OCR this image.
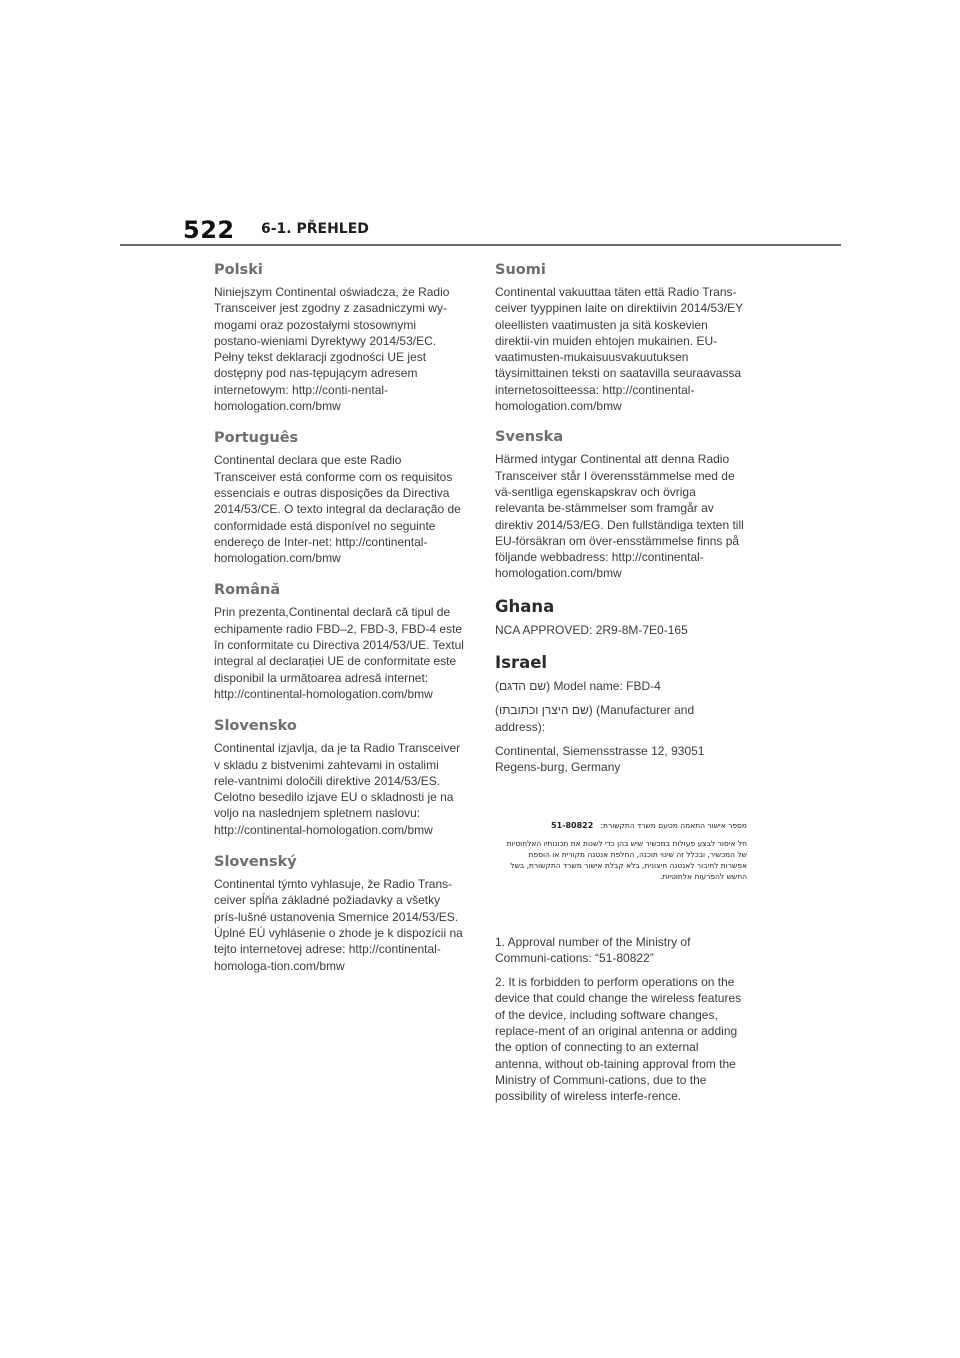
522 6-1. PŘEHLED
Polski

Niniejszym Continental oświadcza, że Radio Transceiver jest zgodny z zasadniczymi wy-mogami oraz pozostałymi stosownymi postano-wieniami Dyrektywy 2014/53/EC. Pełny tekst deklaracji zgodności UE jest dostępny pod nas-tępującym adresem internetowym: http://conti-nental-homologation.com/bmw

Português

Continental declara que este Radio Transceiver está conforme com os requisitos essenciais e outras disposições da Directiva 2014/53/CE. O texto integral da declaração de conformidade está disponível no seguinte endereço de Inter-net: http://continental-homologation.com/bmw

Română

Prin prezenta,Continental declară că tipul de echipamente radio FBD–2, FBD-3, FBD-4 este în conformitate cu Directiva 2014/53/UE. Textul integral al declarației UE de conformitate este disponibil la următoarea adresă internet: http://continental-homologation.com/bmw

Slovensko

Continental izjavlja, da je ta Radio Transceiver v skladu z bistvenimi zahtevami in ostalimi rele-vantnimi določili direktive 2014/53/ES. Celotno besedilo izjave EU o skladnosti je na voljo na naslednjem spletnem naslovu: http://continental-homologation.com/bmw

Slovenský

Continental týmto vyhlasuje, že Radio Trans-ceiver spĺňa základné požiadavky a všetky prís-lušné ustanovenia Smernice 2014/53/ES. Úplné EÚ vyhlásenie o zhode je k dispozícii na tejto internetovej adrese: http://continental-homologa-tion.com/bmw

Suomi

Continental vakuuttaa täten että Radio Trans-ceiver tyyppinen laite on direktiivin 2014/53/EY oleellisten vaatimusten ja sitä koskevien direktii-vin muiden ehtojen mukainen. EU-vaatimusten-mukaisuusvakuutuksen täysimittainen teksti on saatavilla seuraavassa internetosoitteessa: http://continental-homologation.com/bmw

Svenska

Härmed intygar Continental att denna Radio Transceiver står I överensstämmelse med de vä-sentliga egenskapskrav och övriga relevanta be-stämmelser som framgår av direktiv 2014/53/EG. Den fullständiga texten till EU-försäkran om över-ensstämmelse finns på följande webbadress: http://continental-homologation.com/bmw

Ghana

NCA APPROVED: 2R9-8M-7E0-165

Israel

(שם הדגם) Model name: FBD-4

(שם היצרן וכתובתו) (Manufacturer and address):

Continental, Siemensstrasse 12, 93051 Regens-burg, Germany

51-80822 מספר אישור התאמה מטעם משרד התקשורת:
חל איסור לבצע פעולות במכשיר שיש בהן כדי לשנות את תכונותיו האלחוטיות
של המכשיר, ובכלל זה שינוי תוכנה, החלפת אנטנה מקורית או הוספת
אפשרות לחיבור לאנטנה חיצונית, בלא קבלת אישור משרד התקשורת, בשל
החשש להפרעות אלחוטיות.

1. Approval number of the Ministry of Communi-cations: “51-80822”

2. It is forbidden to perform operations on the device that could change the wireless features of the device, including software changes, replace-ment of an original antenna or adding the option of connecting to an external antenna, without ob-taining approval from the Ministry of Communi-cations, due to the possibility of wireless interfe-rence.
